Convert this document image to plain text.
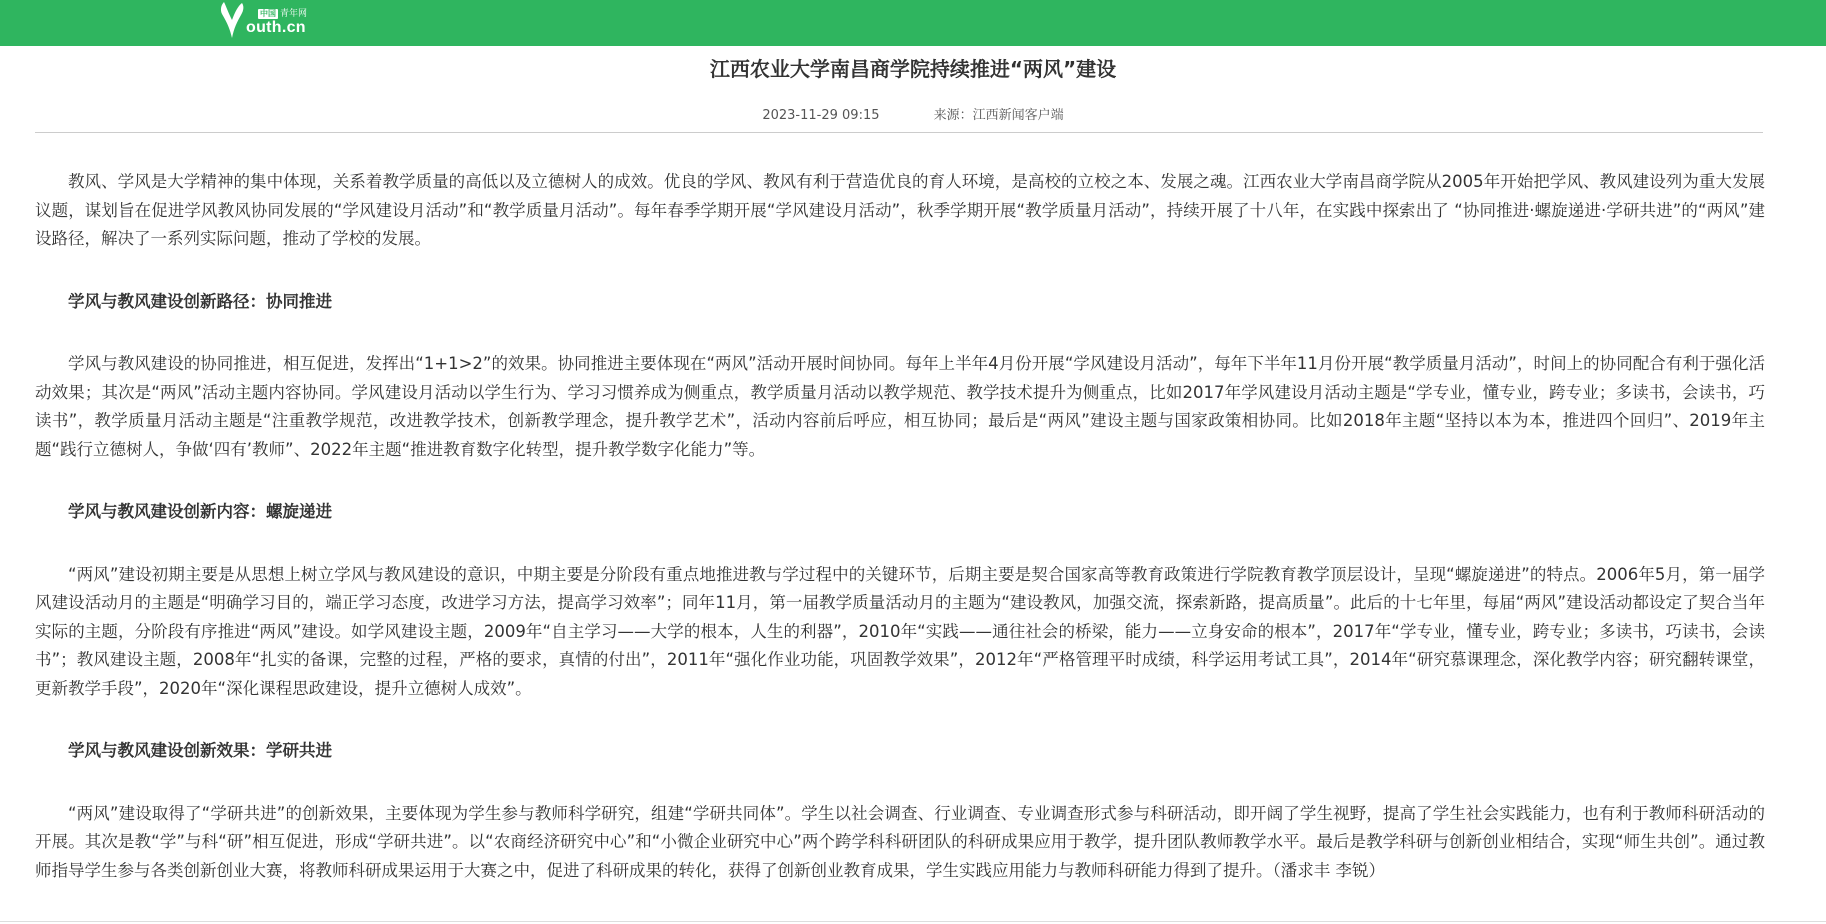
中国 青年网
outh.cn
江西农业大学南昌商学院持续推进“两风”建设
2023-11-29 09:15	来源：江西新闻客户端

教风、学风是大学精神的集中体现，关系着教学质量的高低以及立德树人的成效。优良的学风、教风有利于营造优良的育人环境，是高校的立校之本、发展之魂。江西农业大学南昌商学院从2005年开始把学风、教风建设列为重大发展议题，谋划旨在促进学风教风协同发展的“学风建设月活动”和“教学质量月活动”。每年春季学期开展“学风建设月活动”，秋季学期开展“教学质量月活动”，持续开展了十八年，在实践中探索出了 “协同推进·螺旋递进·学研共进”的“两风”建设路径，解决了一系列实际问题，推动了学校的发展。

学风与教风建设创新路径：协同推进

学风与教风建设的协同推进，相互促进，发挥出“1+1>2”的效果。协同推进主要体现在“两风”活动开展时间协同。每年上半年4月份开展“学风建设月活动”，每年下半年11月份开展“教学质量月活动”，时间上的协同配合有利于强化活动效果；其次是“两风”活动主题内容协同。学风建设月活动以学生行为、学习习惯养成为侧重点，教学质量月活动以教学规范、教学技术提升为侧重点，比如2017年学风建设月活动主题是“学专业，懂专业，跨专业；多读书，会读书，巧读书”，教学质量月活动主题是“注重教学规范，改进教学技术，创新教学理念，提升教学艺术”，活动内容前后呼应，相互协同；最后是“两风”建设主题与国家政策相协同。比如2018年主题“坚持以本为本，推进四个回归”、2019年主题“践行立德树人，争做‘四有’教师”、2022年主题“推进教育数字化转型，提升教学数字化能力”等。

学风与教风建设创新内容：螺旋递进

“两风”建设初期主要是从思想上树立学风与教风建设的意识，中期主要是分阶段有重点地推进教与学过程中的关键环节，后期主要是契合国家高等教育政策进行学院教育教学顶层设计，呈现“螺旋递进”的特点。2006年5月，第一届学风建设活动月的主题是“明确学习目的，端正学习态度，改进学习方法，提高学习效率”；同年11月，第一届教学质量活动月的主题为“建设教风，加强交流，探索新路，提高质量”。此后的十七年里，每届“两风”建设活动都设定了契合当年实际的主题，分阶段有序推进“两风”建设。如学风建设主题，2009年“自主学习——大学的根本，人生的利器”，2010年“实践——通往社会的桥梁，能力——立身安命的根本”，2017年“学专业，懂专业，跨专业；多读书，巧读书，会读书”；教风建设主题，2008年“扎实的备课，完整的过程，严格的要求，真情的付出”，2011年“强化作业功能，巩固教学效果”，2012年“严格管理平时成绩，科学运用考试工具”，2014年“研究慕课理念，深化教学内容；研究翻转课堂，更新教学手段”，2020年“深化课程思政建设，提升立德树人成效”。

学风与教风建设创新效果：学研共进

“两风”建设取得了“学研共进”的创新效果，主要体现为学生参与教师科学研究，组建“学研共同体”。学生以社会调查、行业调查、专业调查形式参与科研活动，即开阔了学生视野，提高了学生社会实践能力，也有利于教师科研活动的开展。其次是教“学”与科“研”相互促进，形成“学研共进”。以“农商经济研究中心”和“小微企业研究中心”两个跨学科科研团队的科研成果应用于教学，提升团队教师教学水平。最后是教学科研与创新创业相结合，实现“师生共创”。通过教师指导学生参与各类创新创业大赛，将教师科研成果运用于大赛之中，促进了科研成果的转化，获得了创新创业教育成果，学生实践应用能力与教师科研能力得到了提升。（潘求丰 李锐）
